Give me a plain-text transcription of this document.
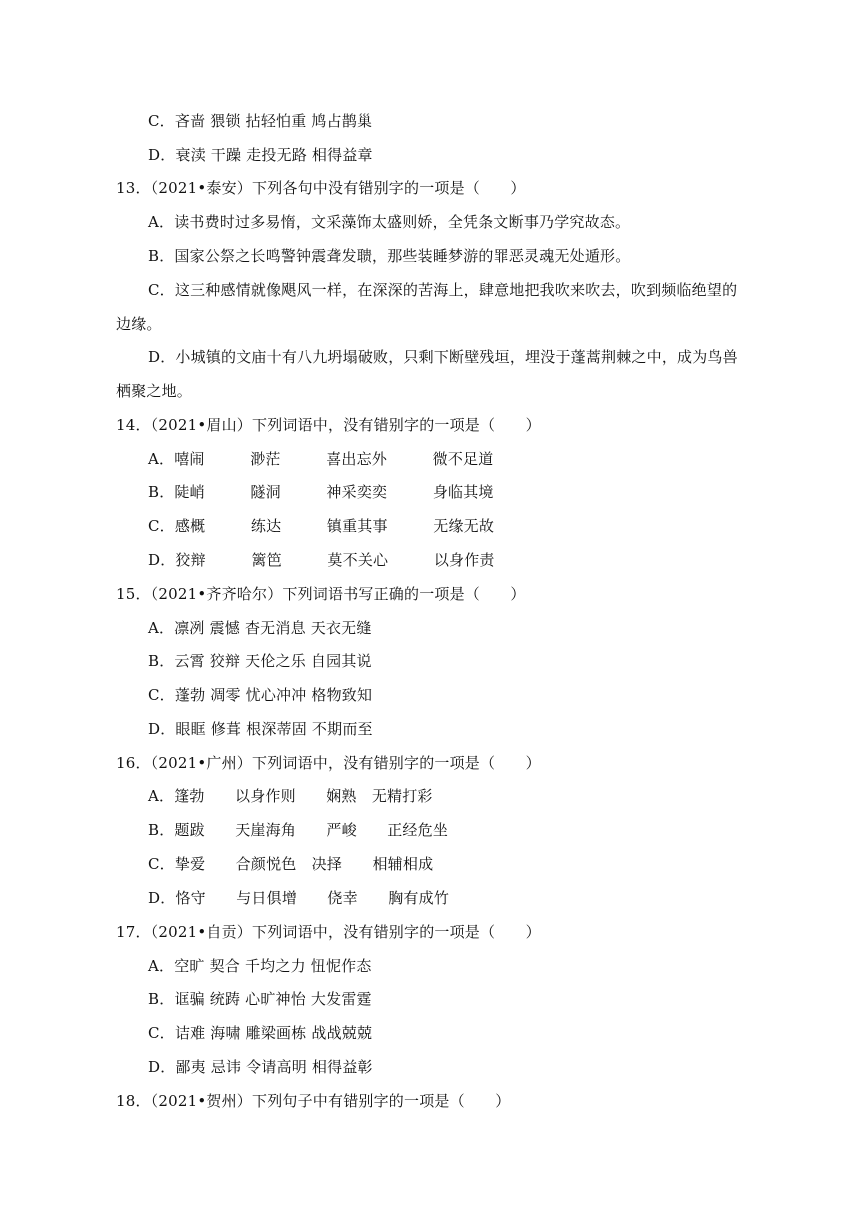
C．吝啬 猥锁 拈轻怕重 鸠占鹊巢
D．衰渎 干躁 走投无路 相得益章
13．（2021•泰安）下列各句中没有错别字的一项是（　　）
A．读书费时过多易惰，文采藻饰太盛则娇，全凭条文断事乃学究故态。
B．国家公祭之长鸣警钟震聋发聩，那些装睡梦游的罪恶灵魂无处遁形。
C．这三种感情就像飓风一样，在深深的苦海上，肆意地把我吹来吹去，吹到频临绝望的
边缘。
D．小城镇的文庙十有八九坍塌破败，只剩下断壁残垣，埋没于蓬蒿荆棘之中，成为鸟兽
栖聚之地。
14．（2021•眉山）下列词语中，没有错别字的一项是（　　）
A．嘻闹　　　渺茫　　　喜出忘外　　　微不足道
B．陡峭　　　隧洞　　　神采奕奕　　　身临其境
C．感概　　　练达　　　镇重其事　　　无缘无故
D．狡辩　　　篱笆　　　莫不关心　　　以身作责
15．（2021•齐齐哈尔）下列词语书写正确的一项是（　　）
A．凛冽 震憾 杳无消息 天衣无缝
B．云霄 狡辩 天伦之乐 自园其说
C．蓬勃 凋零 忧心冲冲 格物致知
D．眼眶 修葺 根深蒂固 不期而至
16．（2021•广州）下列词语中，没有错别字的一项是（　　）
A．篷勃　　以身作则　　娴熟　无精打彩
B．题跋　　天崖海角　　严峻　　正经危坐
C．挚爱　　合颜悦色　决择　　相辅相成
D．恪守　　与日俱增　　侥幸　　胸有成竹
17．（2021•自贡）下列词语中，没有错别字的一项是（　　）
A．空旷 契合 千均之力 忸怩作态
B．诓骗 统踌 心旷神怡 大发雷霆
C．诘难 海啸 雕梁画栋 战战兢兢
D．鄙夷 忌讳 令请高明 相得益彰
18．（2021•贺州）下列句子中有错别字的一项是（　　）
